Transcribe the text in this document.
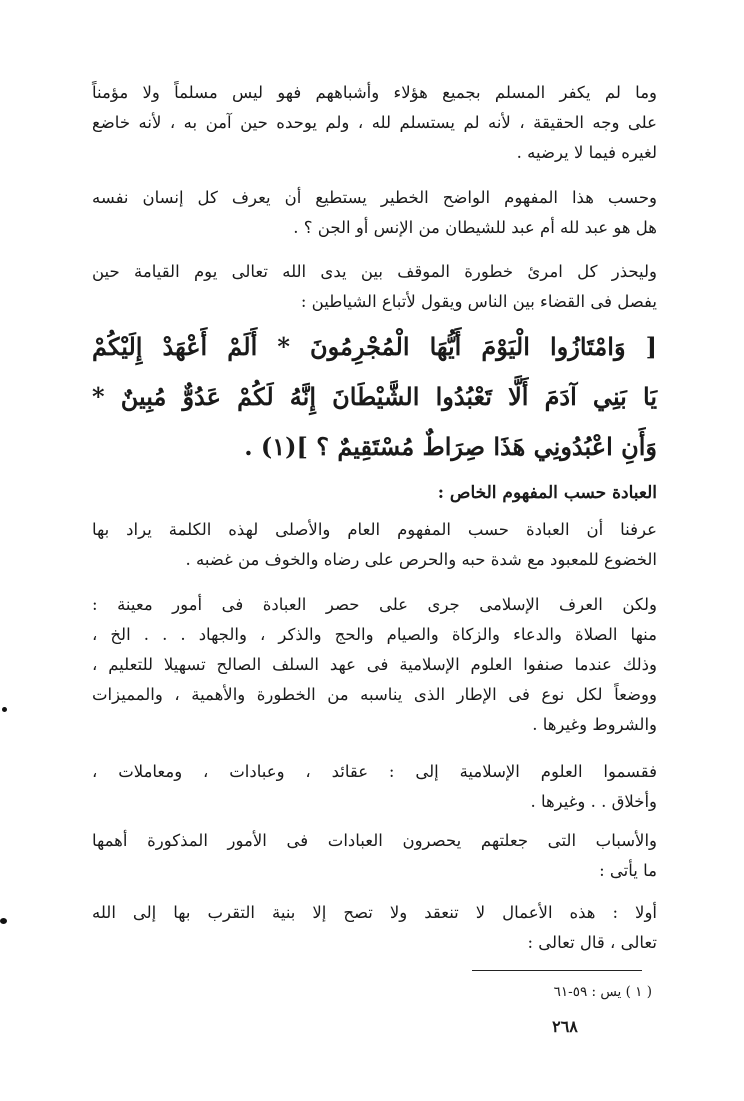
وما لم يكفر المسلم بجميع هؤلاء وأشباههم فهو ليس مسلماً ولا مؤمناً
على وجه الحقيقة ، لأنه لم يستسلم لله ، ولم يوحده حين آمن به ، لأنه خاضع
لغيره فيما لا يرضيه .
وحسب هذا المفهوم الواضح الخطير يستطيع أن يعرف كل إنسان نفسه
هل هو عبد لله أم عبد للشيطان من الإنس أو الجن ؟ .
وليحذر كل امرئ خطورة الموقف بين يدى الله تعالى يوم القيامة حين
يفصل فى القضاء بين الناس ويقول لأتباع الشياطين :
[ وَامْتَازُوا الْيَوْمَ أَيُّهَا الْمُجْرِمُونَ * أَلَمْ أَعْهَدْ إِلَيْكُمْ
يَا بَنِي آدَمَ أَلَّا تَعْبُدُوا الشَّيْطَانَ إِنَّهُ لَكُمْ عَدُوٌّ مُبِينٌ *
وَأَنِ اعْبُدُونِي هَذَا صِرَاطٌ مُسْتَقِيمٌ ؟ ](١) .
العبادة حسب المفهوم الخاص :
عرفنا أن العبادة حسب المفهوم العام والأصلى لهذه الكلمة يراد بها
الخضوع للمعبود مع شدة حبه والحرص على رضاه والخوف من غضبه .
ولكن العرف الإسلامى جرى على حصر العبادة فى أمور معينة :
منها الصلاة والدعاء والزكاة والصيام والحج والذكر ، والجهاد . . . الخ ،
وذلك عندما صنفوا العلوم الإسلامية فى عهد السلف الصالح تسهيلا للتعليم ،
ووضعاً لكل نوع فى الإطار الذى يناسبه من الخطورة والأهمية ، والمميزات
والشروط وغيرها .
فقسموا العلوم الإسلامية إلى : عقائد ، وعبادات ، ومعاملات ،
وأخلاق . . وغيرها .
والأسباب التى جعلتهم يحصرون العبادات فى الأمور المذكورة أهمها
ما يأتى :
أولا : هذه الأعمال لا تنعقد ولا تصح إلا بنية التقرب بها إلى الله
تعالى ، قال تعالى :
( ١ ) يس : ٥٩-٦١
٢٦٨
